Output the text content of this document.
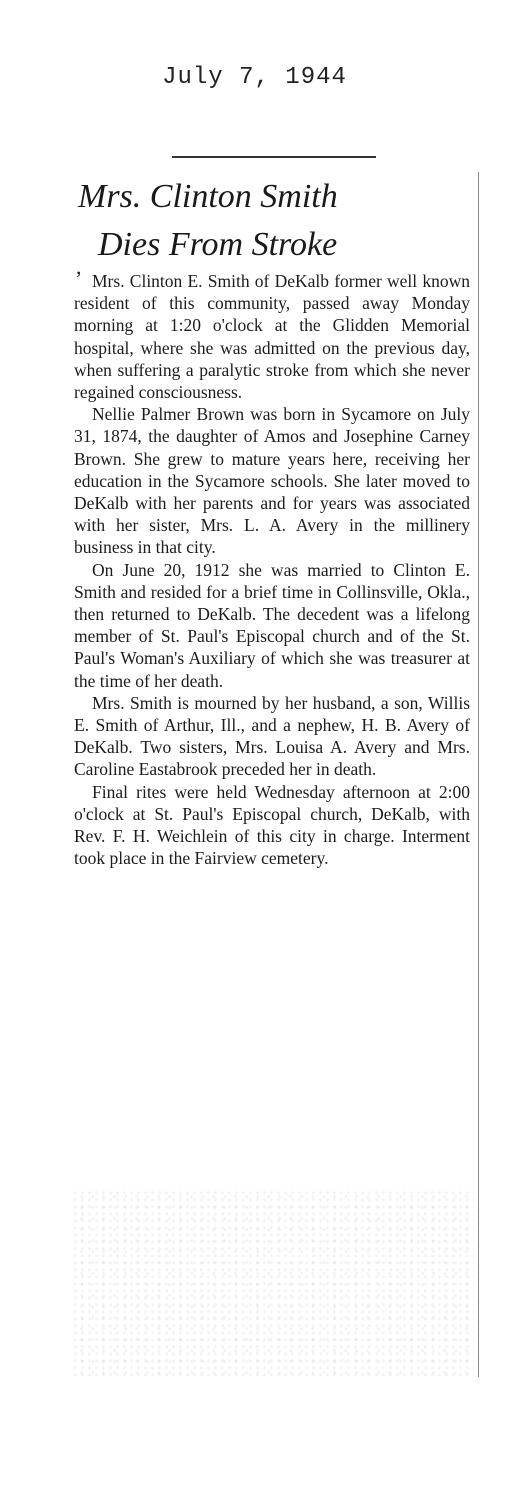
July 7, 1944
Mrs. Clinton Smith
,
Dies From Stroke

Mrs. Clinton E. Smith of DeKalb former well known resident of this community, passed away Monday morning at 1:20 o'clock at the Glidden Memorial hospital, where she was admitted on the previous day, when suffering a paralytic stroke from which she never regained consciousness.

Nellie Palmer Brown was born in Sycamore on July 31, 1874, the daughter of Amos and Josephine Carney Brown. She grew to mature years here, receiving her education in the Sycamore schools. She later moved to DeKalb with her parents and for years was associated with her sister, Mrs. L. A. Avery in the millinery business in that city.

On June 20, 1912 she was married to Clinton E. Smith and resided for a brief time in Collinsville, Okla., then returned to DeKalb. The decedent was a lifelong member of St. Paul's Episcopal church and of the St. Paul's Woman's Auxiliary of which she was treasurer at the time of her death.

Mrs. Smith is mourned by her husband, a son, Willis E. Smith of Arthur, Ill., and a nephew, H. B. Avery of DeKalb. Two sisters, Mrs. Louisa A. Avery and Mrs. Caroline Eastabrook preceded her in death.

Final rites were held Wednesday afternoon at 2:00 o'clock at St. Paul's Episcopal church, DeKalb, with Rev. F. H. Weichlein of this city in charge. Interment took place in the Fairview cemetery.
